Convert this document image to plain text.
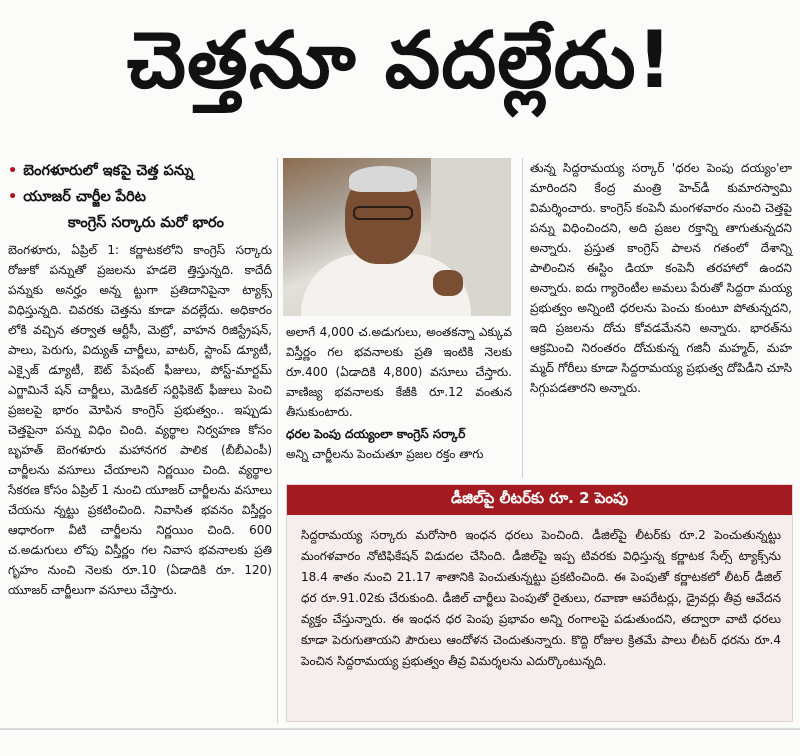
చెత్తనూ వదల్లేదు!
• బెంగళూరులో ఇకపై చెత్త పన్ను
• యూజర్ చార్జీల పేరిట
కాంగ్రెస్ సర్కారు మరో భారం
బెంగళూరు, ఏప్రిల్ 1: కర్ణాటకలోని కాంగ్రెస్ సర్కారు రోజుకో పన్నుతో ప్రజలను హడలె త్తిస్తున్నది. కాదేదీ పన్నుకు అనర్హం అన్న ట్టుగా ప్రతిదానిపైనా ట్యాక్స్ విధిస్తున్నది. చివరకు చెత్తను కూడా వదల్లేదు. అధికారం లోకి వచ్చిన తర్వాత ఆర్టీసీ, మెట్రో, వాహన రిజిస్ట్రేషన్, పాలు, పెరుగు, విద్యుత్ చార్జీలు, వాటర్, స్టాంప్ డ్యూటీ, ఎక్సైజ్ డ్యూటీ, ఔట్ పేషంట్ ఫీజులు, పోస్ట్-మార్టమ్ ఎగ్జామినే షన్ చార్జీలు, మెడికల్ సర్టిఫికెట్ ఫీజులు పెంచి ప్రజలపై భారం మోపిన కాంగ్రెస్ ప్రభుత్వం.. ఇప్పుడు చెత్తపైనా పన్ను విధిం చింది. వ్యర్థాల నిర్వహణ కోసం బృహత్ బెంగళూరు మహానగర పాలిక (బీబీఎంపీ) చార్జీలను వసూలు చేయాలని నిర్ణయిం చింది. వ్యర్థాల సేకరణ కోసం ఏప్రిల్ 1 నుంచి యూజర్ చార్జీలను వసూలు చేయను న్నట్టు ప్రకటించింది. నివాసిత భవనం విస్తీర్ణం ఆధారంగా వీటి చార్జీలను నిర్ణయిం చింది. 600 చ.అడుగులు లోపు విస్తీర్ణం గల నివాస భవనాలకు ప్రతి గృహం నుంచి నెలకు రూ.10 (ఏడాదికి రూ. 120) యూజర్ చార్జీలుగా వసూలు చేస్తారు.
అలాగే 4,000 చ.అడుగులు, అంతకన్నా ఎక్కువ విస్తీర్ణం గల భవనాలకు ప్రతి ఇంటికి నెలకు రూ.400 (ఏడాదికి 4,800) వసూలు చేస్తారు. వాణిజ్య భవనాలకు కేజీకి రూ.12 వంతున తీసుకుంటారు.
ధరల పెంపు దయ్యంలా కాంగ్రెస్ సర్కార్
అన్ని చార్జీలను పెంచుతూ ప్రజల రక్తం తాగు
తున్న సిద్దరామయ్య సర్కార్ 'ధరల పెంపు దయ్యం'లా మారిందని కేంద్ర మంత్రి హెచ్‌డీ కుమారస్వామి విమర్శించారు. కాంగ్రెస్ కంపెనీ మంగళవారం నుంచి చెత్తపై పన్ను విధించిందని, అది ప్రజల రక్తాన్ని తాగుతున్నదని అన్నారు. ప్రస్తుత కాంగ్రెస్ పాలన గతంలో దేశాన్ని పాలించిన ఈస్టిం డియా కంపెనీ తరహాలో ఉందని అన్నారు. ఐదు గ్యారెంటీల అమలు పేరుతో సిద్దరా మయ్య ప్రభుత్వం అన్నింటి ధరలను పెంచు కుంటూ పోతున్నదని, ఇది ప్రజలను దోచు కోవడమేనని అన్నారు. భారత్‌ను ఆక్రమించి నిరంతరం దోచుకున్న గజినీ మహ్మద్, మహ మ్మద్ గోరీలు కూడా సిద్దరామయ్య ప్రభుత్వ దోపిడీని చూసి సిగ్గుపడతారని అన్నారు.
డీజిల్‌పై లీటర్‌కు రూ. 2 పెంపు
సిద్దరామయ్య సర్కారు మరోసారి ఇంధన ధరలు పెంచింది. డీజిల్‌పై లీటర్‌కు రూ.2 పెంచుతున్నట్టు మంగళవారం నోటిఫికేషన్ విడుదల చేసింది. డీజిల్‌పై ఇప్ప టివరకు విధిస్తున్న కర్ణాటక సేల్స్ ట్యాక్స్‌ను 18.4 శాతం నుంచి 21.17 శాతానికి పెంచుతున్నట్టు ప్రకటించింది. ఈ పెంపుతో కర్ణాటకలో లీటర్ డీజిల్ ధర రూ.91.02కు చేరుకుంది. డీజిల్ చార్జీలు పెంపుతో రైతులు, రవాణా ఆపరేటర్లు, డ్రైవర్లు తీవ్ర ఆవేదన వ్యక్తం చేస్తున్నారు. ఈ ఇంధన ధర పెంపు ప్రభావం అన్ని రంగాలపై పడుతుందని, తద్వారా వాటి ధరలు కూడా పెరుగుతాయని పౌరులు ఆందోళన చెందుతున్నారు. కొద్ది రోజుల క్రితమే పాలు లీటర్ ధరను రూ.4 పెంచిన సిద్దరామయ్య ప్రభుత్వం తీవ్ర విమర్శలను ఎదుర్కొంటున్నది.
